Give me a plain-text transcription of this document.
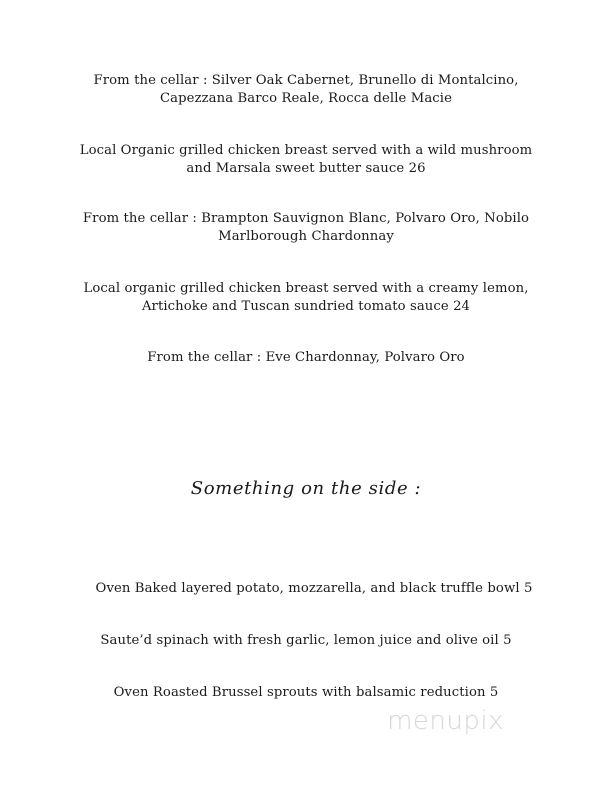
From the cellar : Silver Oak Cabernet, Brunello di Montalcino,
Capezzana Barco Reale, Rocca delle Macie
Local Organic grilled chicken breast served with a wild mushroom
and Marsala sweet butter sauce 26
From the cellar : Brampton Sauvignon Blanc, Polvaro Oro, Nobilo
Marlborough Chardonnay
Local organic grilled chicken breast served with a creamy lemon,
Artichoke and Tuscan sundried tomato sauce 24
From the cellar : Eve Chardonnay, Polvaro Oro
Something on the side :
Oven Baked layered potato, mozzarella, and black truffle bowl 5
Saute’d spinach with fresh garlic, lemon juice and olive oil 5
Oven Roasted Brussel sprouts with balsamic reduction 5
menupix
